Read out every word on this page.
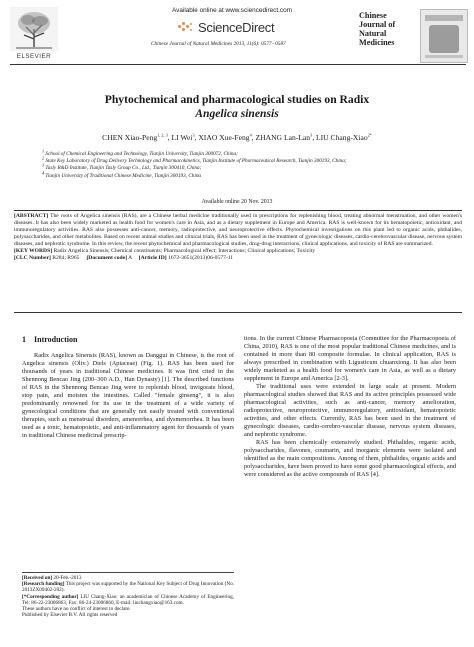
ELSEVIER
Available online at www.sciencedirect.com
ScienceDirect
Chinese Journal of Natural Medicines 2013, 11(6): 0577−0587
Chinese
Journal of
Natural
Medicines
Phytochemical and pharmacological studies on Radix
Angelica sinensis
CHEN Xiao-Peng$^{1, 2, 3}$, LI Wei$^3$, XIAO Xue-Feng$^4$, ZHANG Lan-Lan$^3$, LIU Chang-Xiao$^{2*}$
$^1$ School of Chemical Engineering and Technology, Tianjin University, Tianjin 300072, China;
$^2$ State Key Laboratory of Drug Delivery Technology and Pharmacokinetics, Tianjin Institute of Pharmaceutical Research, Tianjin 300193, China;
$^3$ Tasly R&D Institute, Tianjin Tasly Group Co., Ltd., Tianjin 300410, China;
$^4$ Tianjin University of Traditional Chinese Medicine, Tianjin 300193, China
Available online 20 Nov. 2013

[ABSTRACT] The roots of Angelica sinensis (RAS), are a Chinese herbal medicine traditionally used in prescriptions for replenishing blood, treating abnormal menstruation, and other women's diseases. It has also been widely marketed as health food for women's care in Asia, and as a dietary supplement in Europe and America. RAS is well-known for its hematopoietic, antioxidant, and immunoregulatory activities. RAS also possesses anti-cancer, memory, radioprotective, and neuroprotective effects. Phytochemical investigations on this plant led to organic acids, phthalides, polysaccharides, and other metabolites. Based on recent animal studies and clinical trials, RAS has been used in the treatment of gynecologic diseases, cardio-cerebrovascular disease, nervous system diseases, and nephrotic syndrome. In this review, the recent phytochemical and pharmacological studies, drug-drug interactions, clinical applications, and toxicity of RAS are summarized.

[KEY WORDS] Radix Angelica Sinensis; Chemical constituents; Pharmacological effect; Interactions; Clinical applications; Toxicity

[CLC Number] R284; R965 [Document code] A [Article ID] 1672-3651(2013)06-0577-11

1    Introduction

Radix Angelica Sinensis (RAS), known as Danggui in Chinese, is the root of Angelica sinensis (Oliv.) Diels (Apiaceae) (Fig. 1). RAS has been used for thousands of years in traditional Chinese medicines. It was first cited in the Shennong Bencao Jing (200–300 A.D., Han Dynasty) [1]. The described functions of RAS in the Shennong Bencao Jing were to replenish blood, invigorate blood, stop pain, and moisten the intestines. Called "female ginseng", it is also predominantly renowned for its use in the treatment of a wide variety of gynecological conditions that are generally not easily treated with conventional therapies, such as menstrual disorders, amenorrhea, and dysmenorrhea. It has been used as a tonic, hematopoietic, and anti-inflammatory agent for thousands of years in traditional Chinese medicinal prescrip-

[Received on] 20-Feb.-2013
[Research funding] This project was supported by the National Key Subject of Drug Innovation (No. 2013ZX09402-202).
[*Corresponding author] LIU Chang-Xiao: an academician of Chinese Academy of Engineering, Tel: 86-22-23006863, Fax: 86-24-23006860, E-mail: liuchangxiao@163.com.
These authors have no conflict of interest to declare.
Published by Elsevier B.V. All rights reserved

tions. In the current Chinese Pharmacopoeia (Committee for the Pharmacopoeia of China, 2010), RAS is one of the most popular traditional Chinese medicines, and is contained in more than 80 composite formulae. In clinical application, RAS is always prescribed in combination with Ligusticum chuanxiong. It has also been widely marketed as a health food for women's care in Asia, as well as a dietary supplement in Europe and America [2-3].

The traditional uses were extended in large scale at present. Modern pharmacological studies showed that RAS and its active principles possessed wide pharmacological activities, such as anti-cancer, memory amelioration, radioprotective, neuroprotective, immunoregulatory, antioxidant, hematopoietic activities, and other effects. Currently, RAS has been used in the treatment of gynecologic diseases, cardio-cerebro-vascular disease, nervous system diseases, and nephrotic syndrome.

RAS has been chemically extensively studied. Phthalides, organic acids, polysaccharides, flavones, coumarin, and inorganic elements were isolated and identified as the main compositions. Among of them, phthalides, organic acids and polysaccharides, have been proved to have some good pharmacological effects, and were considered as the active compounds of RAS [4].
